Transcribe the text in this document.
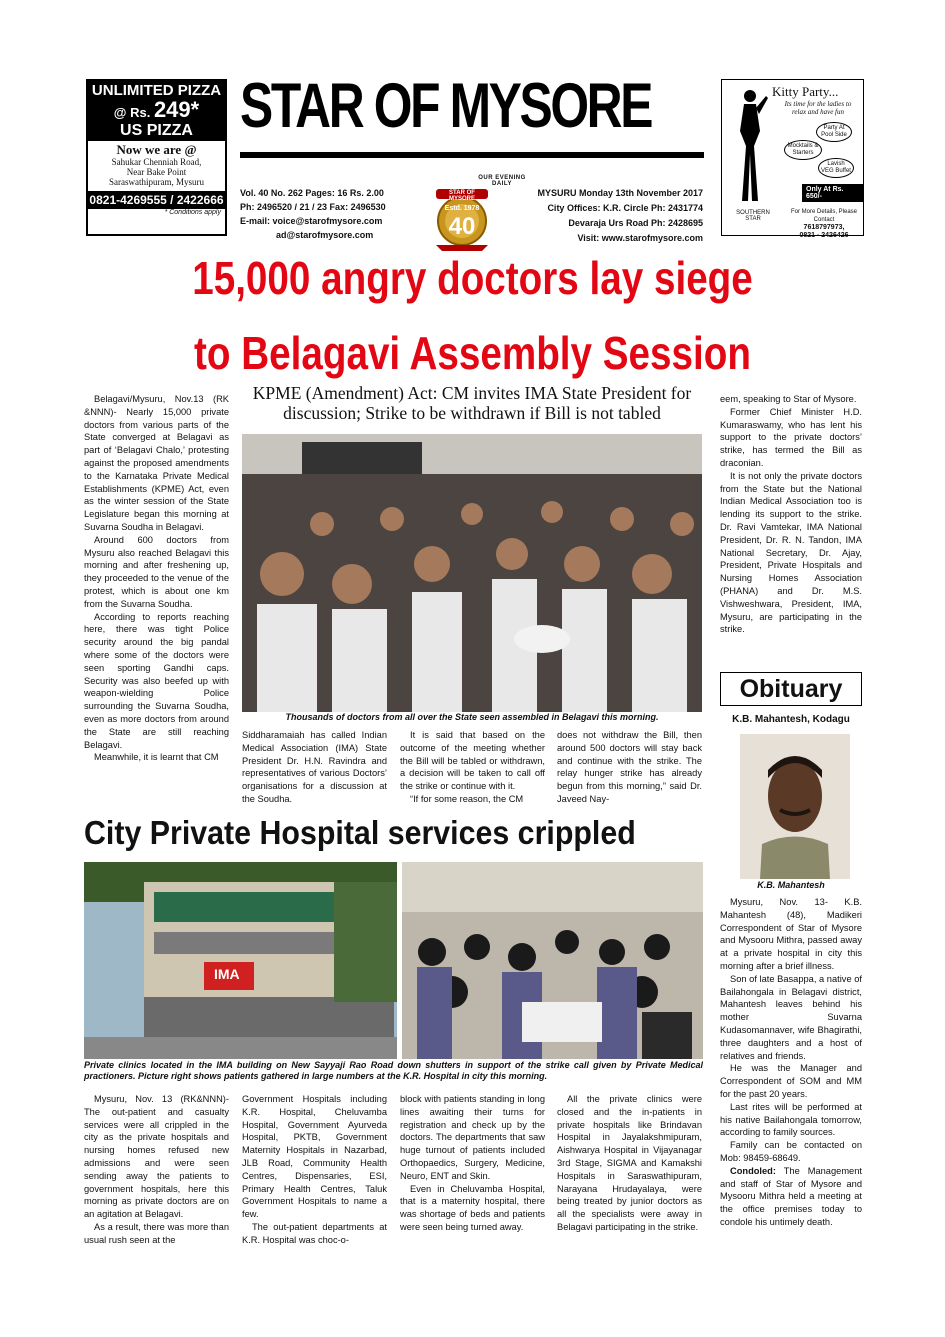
UNLIMITED PIZZA
@ Rs. 249*
US PIZZA
Now we are @
Sahukar Chenniah Road,
Near Bake Point
Saraswathipuram, Mysuru
0821-4269555 / 2422666
* Conditions apply
STAR OF MYSORE
OUR EVENING DAILY
Vol. 40 No. 262 Pages: 16 Rs. 2.00
Ph: 2496520 / 21 / 23 Fax: 2496530
E-mail: voice@starofmysore.com
ad@starofmysore.com
STAR OF MYSORE
Estd. 1978
40
MYSURU Monday 13th November 2017
City Offices: K.R. Circle Ph: 2431774
Devaraja Urs Road Ph: 2428695
Visit: www.starofmysore.com
Kitty Party...
Its time for the ladies to relax and have fun
Party At Pool Side
Mocktails & Starters
Lavish VEG Buffet
Only At Rs. 650/-
SOUTHERN STAR
For More Details, Please Contact
7618797973,
0821 - 2426426
15,000 angry doctors lay siege
to Belagavi Assembly Session

Belagavi/Mysuru, Nov.13 (RK &NNN)- Nearly 15,000 private doctors from various parts of the State converged at Belagavi as part of ‘Belagavi Chalo,’ protesting against the proposed amendments to the Karnataka Private Medical Establishments (KPME) Act, even as the winter session of the State Legislature began this morning at Suvarna Soudha in Belagavi.

Around 600 doctors from Mysuru also reached Belagavi this morning and after freshening up, they proceeded to the venue of the protest, which is about one km from the Suvarna Soudha.

According to reports reaching here, there was tight Police security around the big pandal where some of the doctors were seen sporting Gandhi caps. Security was also beefed up with weapon-wielding Police surrounding the Suvarna Soudha, even as more doctors from around the State are still reaching Belagavi.

Meanwhile, it is learnt that CM

KPME (Amendment) Act: CM invites IMA State President for discussion; Strike to be withdrawn if Bill is not tabled
Thousands of doctors from all over the State seen assembled in Belagavi this morning.

Siddharamaiah has called Indian Medical Association (IMA) State President Dr. H.N. Ravindra and representatives of various Doctors’ organisations for a discussion at the Soudha.

It is said that based on the outcome of the meeting whether the Bill will be tabled or withdrawn, a decision will be taken to call off the strike or continue with it.

“If for some reason, the CM

does not withdraw the Bill, then around 500 doctors will stay back and continue with the strike. The relay hunger strike has already begun from this morning,” said Dr. Javeed Nay-

eem, speaking to Star of Mysore.

Former Chief Minister H.D. Kumaraswamy, who has lent his support to the private doctors’ strike, has termed the Bill as draconian.

It is not only the private doctors from the State but the National Indian Medical Association too is lending its support to the strike. Dr. Ravi Vamtekar, IMA National President, Dr. R. N. Tandon, IMA National Secretary, Dr. Ajay, President, Private Hospitals and Nursing Homes Association (PHANA) and Dr. M.S. Vishweshwara, President, IMA, Mysuru, are participating in the strike.

Obituary
K.B. Mahantesh, Kodagu
K.B. Mahantesh

Mysuru, Nov. 13- K.B. Mahantesh (48), Madikeri Correspondent of Star of Mysore and Mysooru Mithra, passed away at a private hospital in city this morning after a brief illness.

Son of late Basappa, a native of Bailahongala in Belagavi district, Mahantesh leaves behind his mother Suvarna Kudasomannaver, wife Bhagirathi, three daughters and a host of relatives and friends.

He was the Manager and Correspondent of SOM and MM for the past 20 years.

Last rites will be performed at his native Bailahongala tomorrow, according to family sources.

Family can be contacted on Mob: 98459-68649.

Condoled: The Management and staff of Star of Mysore and Mysooru Mithra held a meeting at the office premises today to condole his untimely death.

City Private Hospital services crippled
IMA
Private clinics located in the IMA building on New Sayyaji Rao Road down shutters in support of the strike call given by Private Medical practioners. Picture right shows patients gathered in large numbers at the K.R. Hospital in city this morning.

Mysuru, Nov. 13 (RK&NNN)- The out-patient and casualty services were all crippled in the city as the private hospitals and nursing homes refused new admissions and were seen sending away the patients to government hospitals, here this morning as private doctors are on an agitation at Belagavi.

As a result, there was more than usual rush seen at the

Government Hospitals including K.R. Hospital, Cheluvamba Hospital, Government Ayurveda Hospital, PKTB, Government Maternity Hospitals in Nazarbad, JLB Road, Community Health Centres, Dispensaries, ESI, Primary Health Centres, Taluk Government Hospitals to name a few.

The out-patient departments at K.R. Hospital was choc-o-

block with patients standing in long lines awaiting their turns for registration and check up by the doctors. The departments that saw huge turnout of patients included Orthopaedics, Surgery, Medicine, Neuro, ENT and Skin.

Even in Cheluvamba Hospital, that is a maternity hospital, there was shortage of beds and patients were seen being turned away.

All the private clinics were closed and the in-patients in private hospitals like Brindavan Hospital in Jayalakshmipuram, Aishwarya Hospital in Vijayanagar 3rd Stage, SIGMA and Kamakshi Hospitals in Saraswathipuram, Narayana Hrudayalaya, were being treated by junior doctors as all the specialists were away in Belagavi participating in the strike.
